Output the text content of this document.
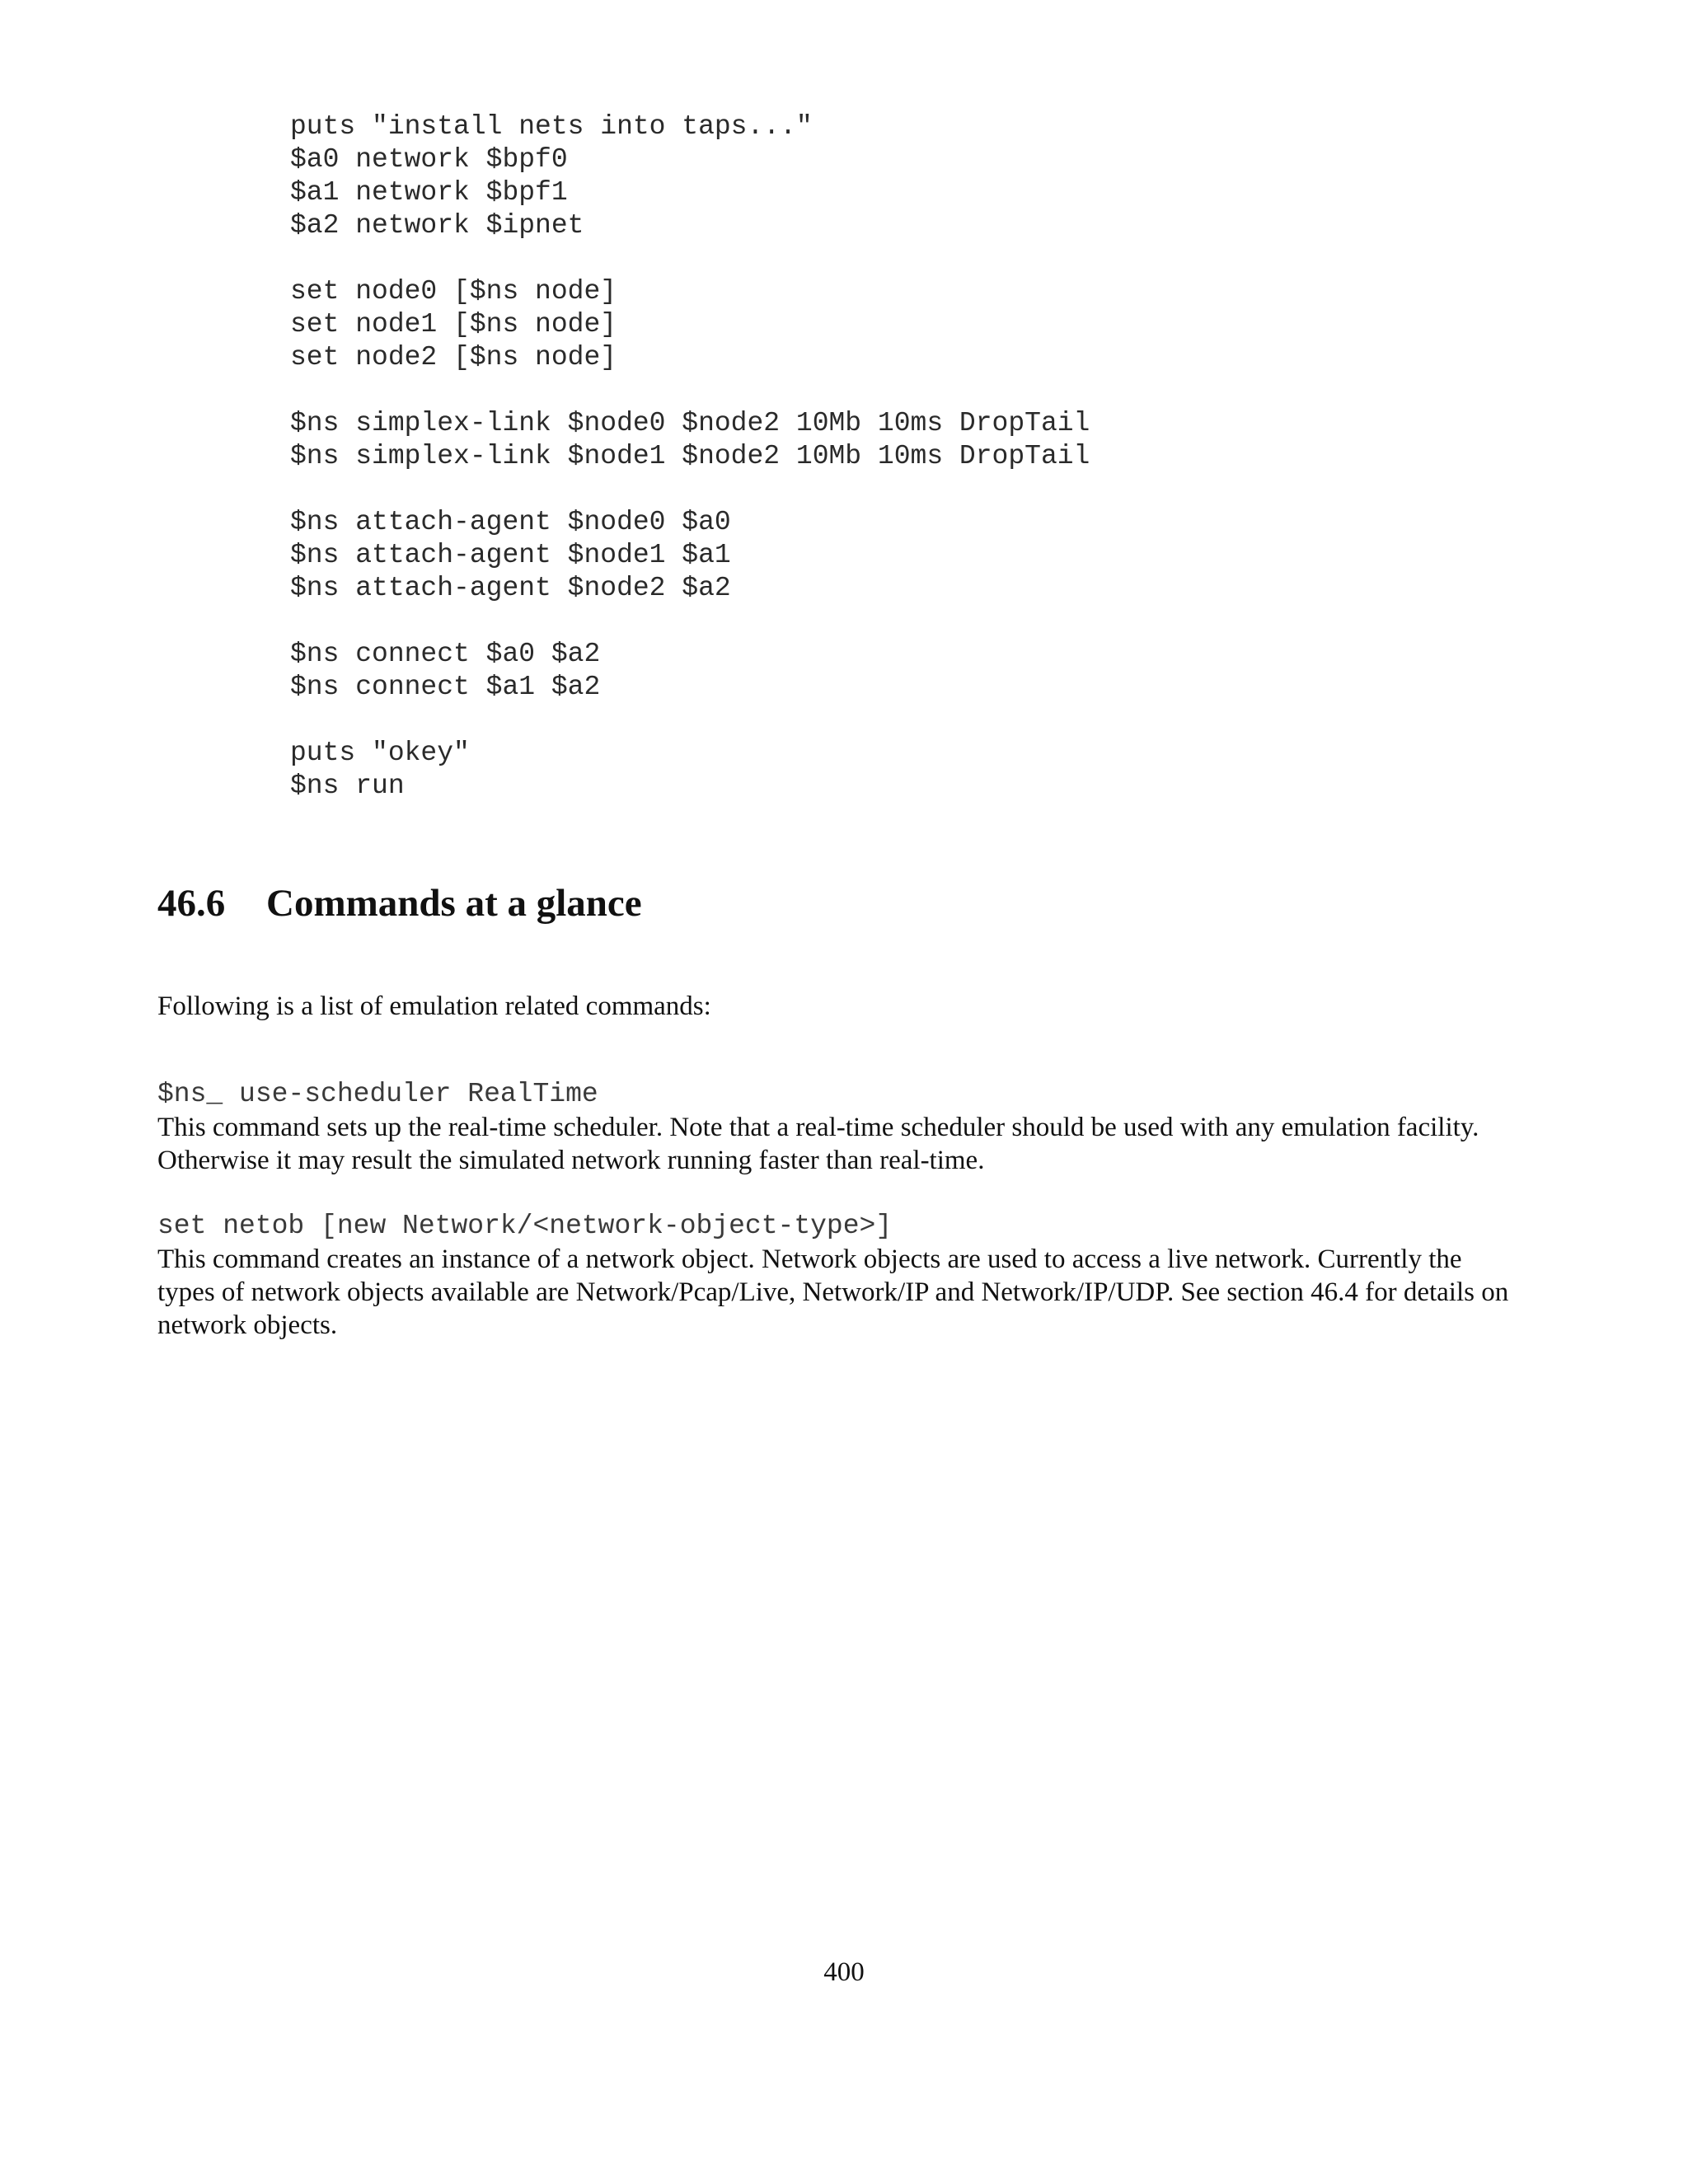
puts "install nets into taps..."
$a0 network $bpf0
$a1 network $bpf1
$a2 network $ipnet
set node0 [$ns node]
set node1 [$ns node]
set node2 [$ns node]
$ns simplex-link $node0 $node2 10Mb 10ms DropTail
$ns simplex-link $node1 $node2 10Mb 10ms DropTail
$ns attach-agent $node0 $a0
$ns attach-agent $node1 $a1
$ns attach-agent $node2 $a2
$ns connect $a0 $a2
$ns connect $a1 $a2
puts "okey"
$ns run
46.6 Commands at a glance

Following is a list of emulation related commands:

$ns_ use-scheduler RealTime

This command sets up the real-time scheduler. Note that a real-time scheduler should be used with any emulation facility. Otherwise it may result the simulated network running faster than real-time.

set netob [new Network/<network-object-type>]

This command creates an instance of a network object. Network objects are used to access a live network. Currently the types of network objects available are Network/Pcap/Live, Network/IP and Network/IP/UDP. See section 46.4 for details on network objects.

400
